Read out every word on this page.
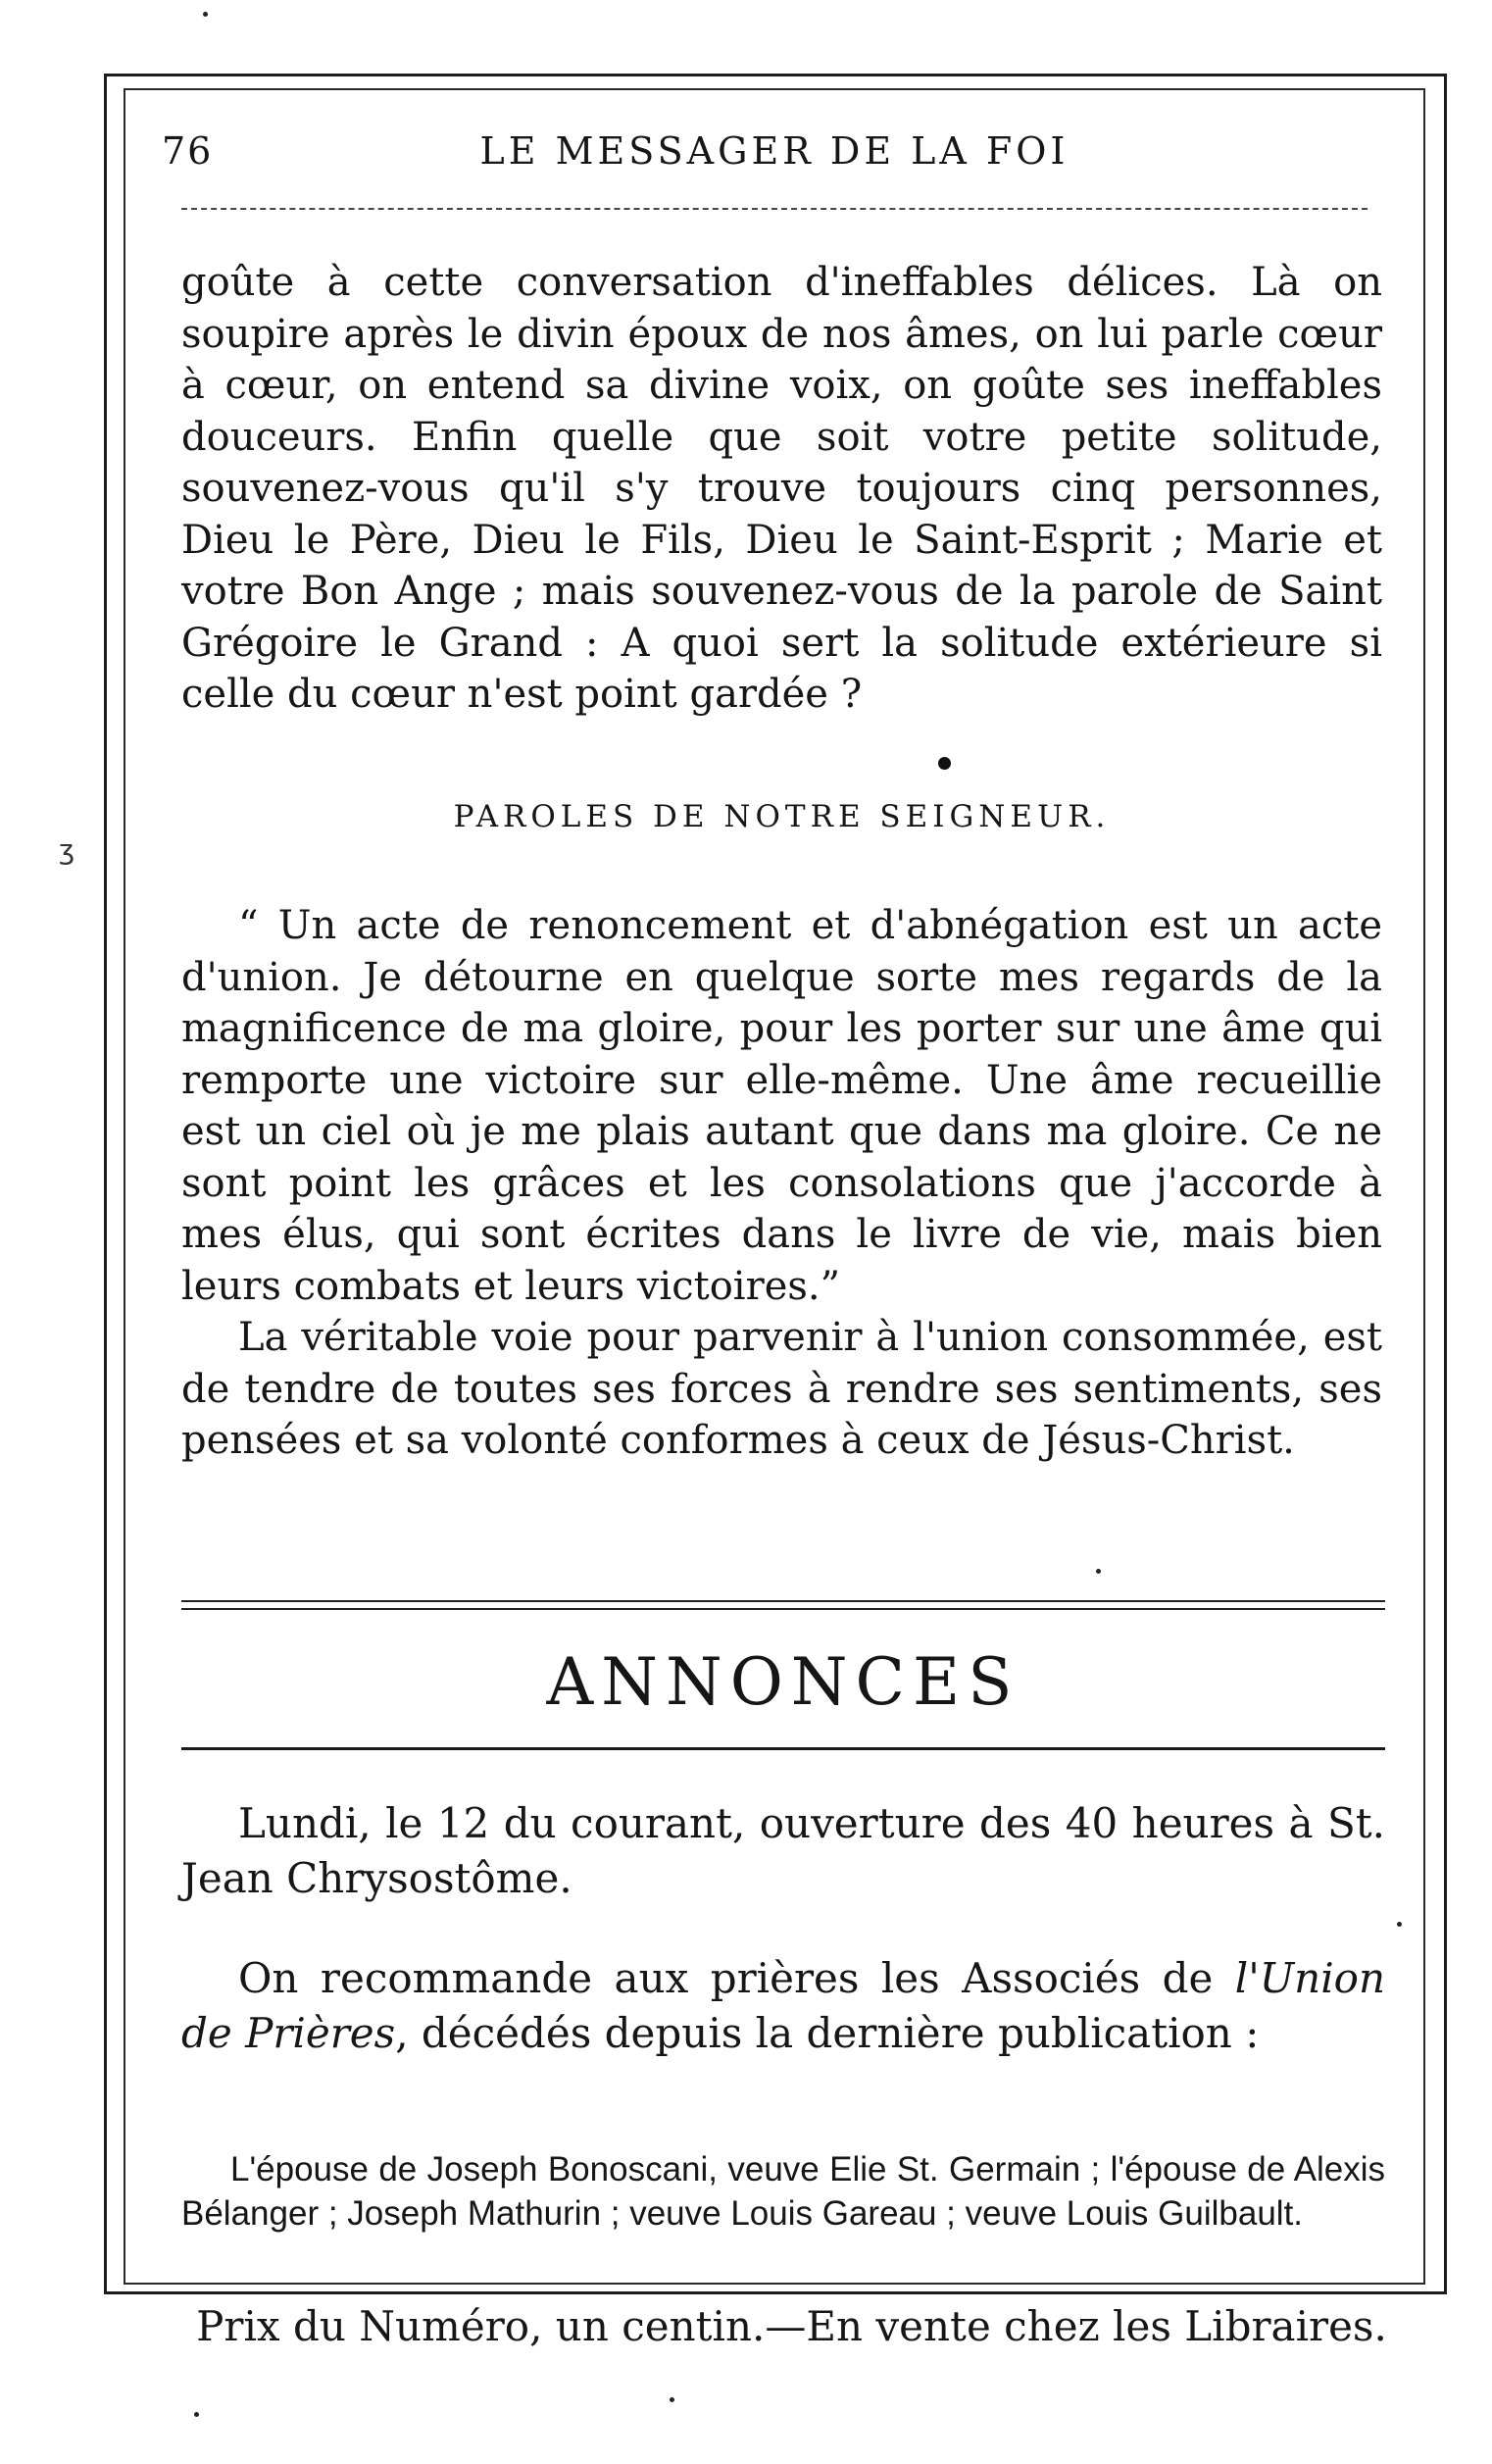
76	LE MESSAGER DE LA FOI

goûte à cette conversation d'ineffables délices. Là on soupire après le divin époux de nos âmes, on lui parle cœur à cœur, on entend sa divine voix, on goûte ses ineffables douceurs. Enfin quelle que soit votre petite solitude, souvenez-vous qu'il s'y trouve toujours cinq personnes, Dieu le Père, Dieu le Fils, Dieu le Saint-Esprit ; Marie et votre Bon Ange ; mais souvenez-vous de la parole de Saint Grégoire le Grand : A quoi sert la solitude extérieure si celle du cœur n'est point gardée ?

PAROLES DE NOTRE SEIGNEUR.

“ Un acte de renoncement et d'abnégation est un acte d'union. Je détourne en quelque sorte mes regards de la magnificence de ma gloire, pour les porter sur une âme qui remporte une victoire sur elle-même. Une âme recueillie est un ciel où je me plais autant que dans ma gloire. Ce ne sont point les grâces et les consolations que j'accorde à mes élus, qui sont écrites dans le livre de vie, mais bien leurs combats et leurs victoires.”

La véritable voie pour parvenir à l'union consommée, est de tendre de toutes ses forces à rendre ses sentiments, ses pensées et sa volonté conformes à ceux de Jésus-Christ.

ANNONCES

Lundi, le 12 du courant, ouverture des 40 heures à St. Jean Chrysostôme.

On recommande aux prières les Associés de l'Union de Prières, décédés depuis la dernière publication :

L'épouse de Joseph Bonoscani, veuve Elie St. Germain ; l'épouse de Alexis Bélanger ; Joseph Mathurin ; veuve Louis Gareau ; veuve Louis Guilbault.

Prix du Numéro, un centin.—En vente chez les Libraires.
ʒ
